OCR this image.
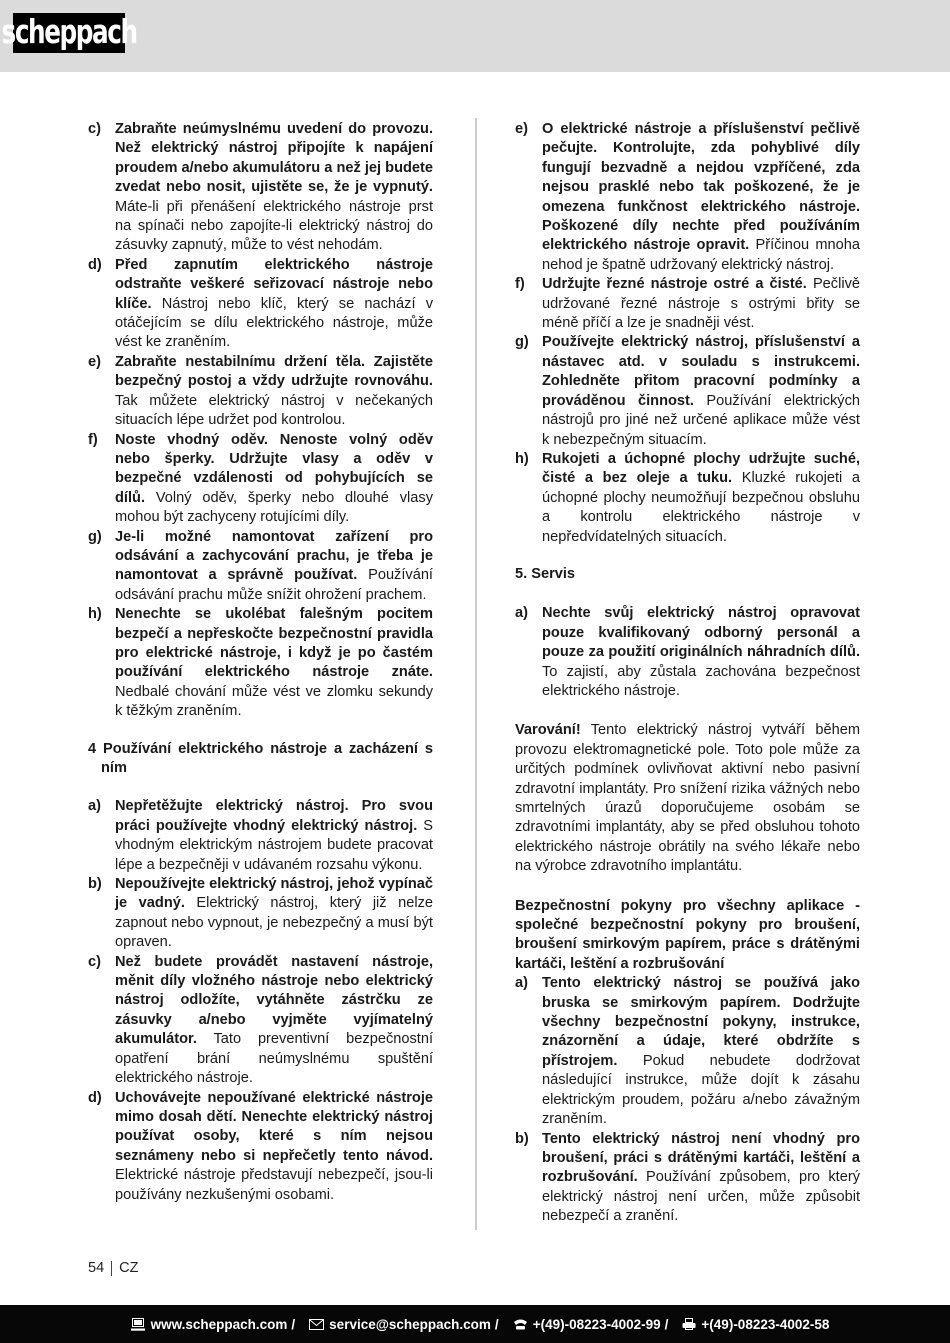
scheppach
c) Zabraňte neúmyslnému uvedení do provozu. Než elektrický nástroj připojíte k napájení proudem a/nebo akumulátoru a než jej budete zvedat nebo nosit, ujistěte se, že je vypnutý. Máte-li při přenášení elektrického nástroje prst na spínači nebo zapojíte-li elektrický nástroj do zásuvky zapnutý, může to vést nehodám.

d) Před zapnutím elektrického nástroje odstraňte veškeré seřizovací nástroje nebo klíče. Nástroj nebo klíč, který se nachází v otáčejícím se dílu elektrického nástroje, může vést ke zraněním.

e) Zabraňte nestabilnímu držení těla. Zajistěte bezpečný postoj a vždy udržujte rovnováhu. Tak můžete elektrický nástroj v nečekaných situacích lépe udržet pod kontrolou.

f)	Noste vhodný oděv. Nenoste volný oděv nebo šperky. Udržujte vlasy a oděv v bezpečné vzdálenosti od pohybujících se dílů. Volný oděv, šperky nebo dlouhé vlasy mohou být zachyceny rotujícími díly.

g) Je-li možné namontovat zařízení pro odsávání a zachycování prachu, je třeba je namontovat a správně používat. Používání odsávání prachu může snížit ohrožení prachem.

h) Nenechte se ukolébat falešným pocitem bezpečí a nepřeskočte bezpečnostní pravidla pro elektrické nástroje, i když je po častém používání elektrického nástroje znáte. Nedbalé chování může vést ve zlomku sekundy k těžkým zraněním.

4 Používání elektrického nástroje a zacházení s ním
a) Nepřetěžujte elektrický nástroj. Pro svou práci používejte vhodný elektrický nástroj. S vhodným elektrickým nástrojem budete pracovat lépe a bezpečněji v udávaném rozsahu výkonu.

b) Nepoužívejte elektrický nástroj, jehož vypínač je vadný. Elektrický nástroj, který již nelze zapnout nebo vypnout, je nebezpečný a musí být opraven.

c) Než budete provádět nastavení nástroje, měnit díly vložného nástroje nebo elektrický nástroj odložíte, vytáhněte zástrčku ze zásuvky a/nebo vyjměte vyjímatelný akumulátor. Tato preventivní bezpečnostní opatření brání neúmyslnému spuštění elektrického nástroje.

d) Uchovávejte nepoužívané elektrické nástroje mimo dosah dětí. Nenechte elektrický nástroj používat osoby, které s ním nejsou seznámeny nebo si nepřečetly tento návod. Elektrické nástroje představují nebezpečí, jsou-li používány nezkušenými osobami.

e) O elektrické nástroje a příslušenství pečlivě pečujte. Kontrolujte, zda pohyblivé díly fungují bezvadně a nejdou vzpříčené, zda nejsou prasklé nebo tak poškozené, že je omezena funkčnost elektrického nástroje. Poškozené díly nechte před používáním elektrického nástroje opravit. Příčinou mnoha nehod je špatně udržovaný elektrický nástroj.

f)	Udržujte řezné nástroje ostré a čisté. Pečlivě udržované řezné nástroje s ostrými břity se méně příčí a lze je snadněji vést.

g) Používejte elektrický nástroj, příslušenství a nástavec atd. v souladu s instrukcemi. Zohledněte přitom pracovní podmínky a prováděnou činnost. Používání elektrických nástrojů pro jiné než určené aplikace může vést k nebezpečným situacím.

h) Rukojeti a úchopné plochy udržujte suché, čisté a bez oleje a tuku. Kluzké rukojeti a úchopné plochy neumožňují bezpečnou obsluhu a kontrolu elektrického nástroje v nepředvídatelných situacích.

5. Servis
a) Nechte svůj elektrický nástroj opravovat pouze kvalifikovaný odborný personál a pouze za použití originálních náhradních dílů. To zajistí, aby zůstala zachována bezpečnost elektrického nástroje.

Varování! Tento elektrický nástroj vytváří během provozu elektromagnetické pole. Toto pole může za určitých podmínek ovlivňovat aktivní nebo pasivní zdravotní implantáty. Pro snížení rizika vážných nebo smrtelných úrazů doporučujeme osobám se zdravotními implantáty, aby se před obsluhou tohoto elektrického nástroje obrátily na svého lékaře nebo na výrobce zdravotního implantátu.

Bezpečnostní pokyny pro všechny aplikace - společné bezpečnostní pokyny pro broušení, broušení smirkovým papírem, práce s drátěnými kartáči, leštění a rozbrušování
a) Tento elektrický nástroj se používá jako bruska se smirkovým papírem. Dodržujte všechny bezpečnostní pokyny, instrukce, znázornění a údaje, které obdržíte s přístrojem. Pokud nebudete dodržovat následující instrukce, může dojít k zásahu elektrickým proudem, požáru a/nebo závažným zraněním.

b) Tento elektrický nástroj není vhodný pro broušení, práci s drátěnými kartáči, leštění a rozbrušování. Používání způsobem, pro který elektrický nástroj není určen, může způsobit nebezpečí a zranění.

54 CZ
www.scheppach.com /	service@scheppach.com /	+(49)-08223-4002-99 / +(49)-08223-4002-58
